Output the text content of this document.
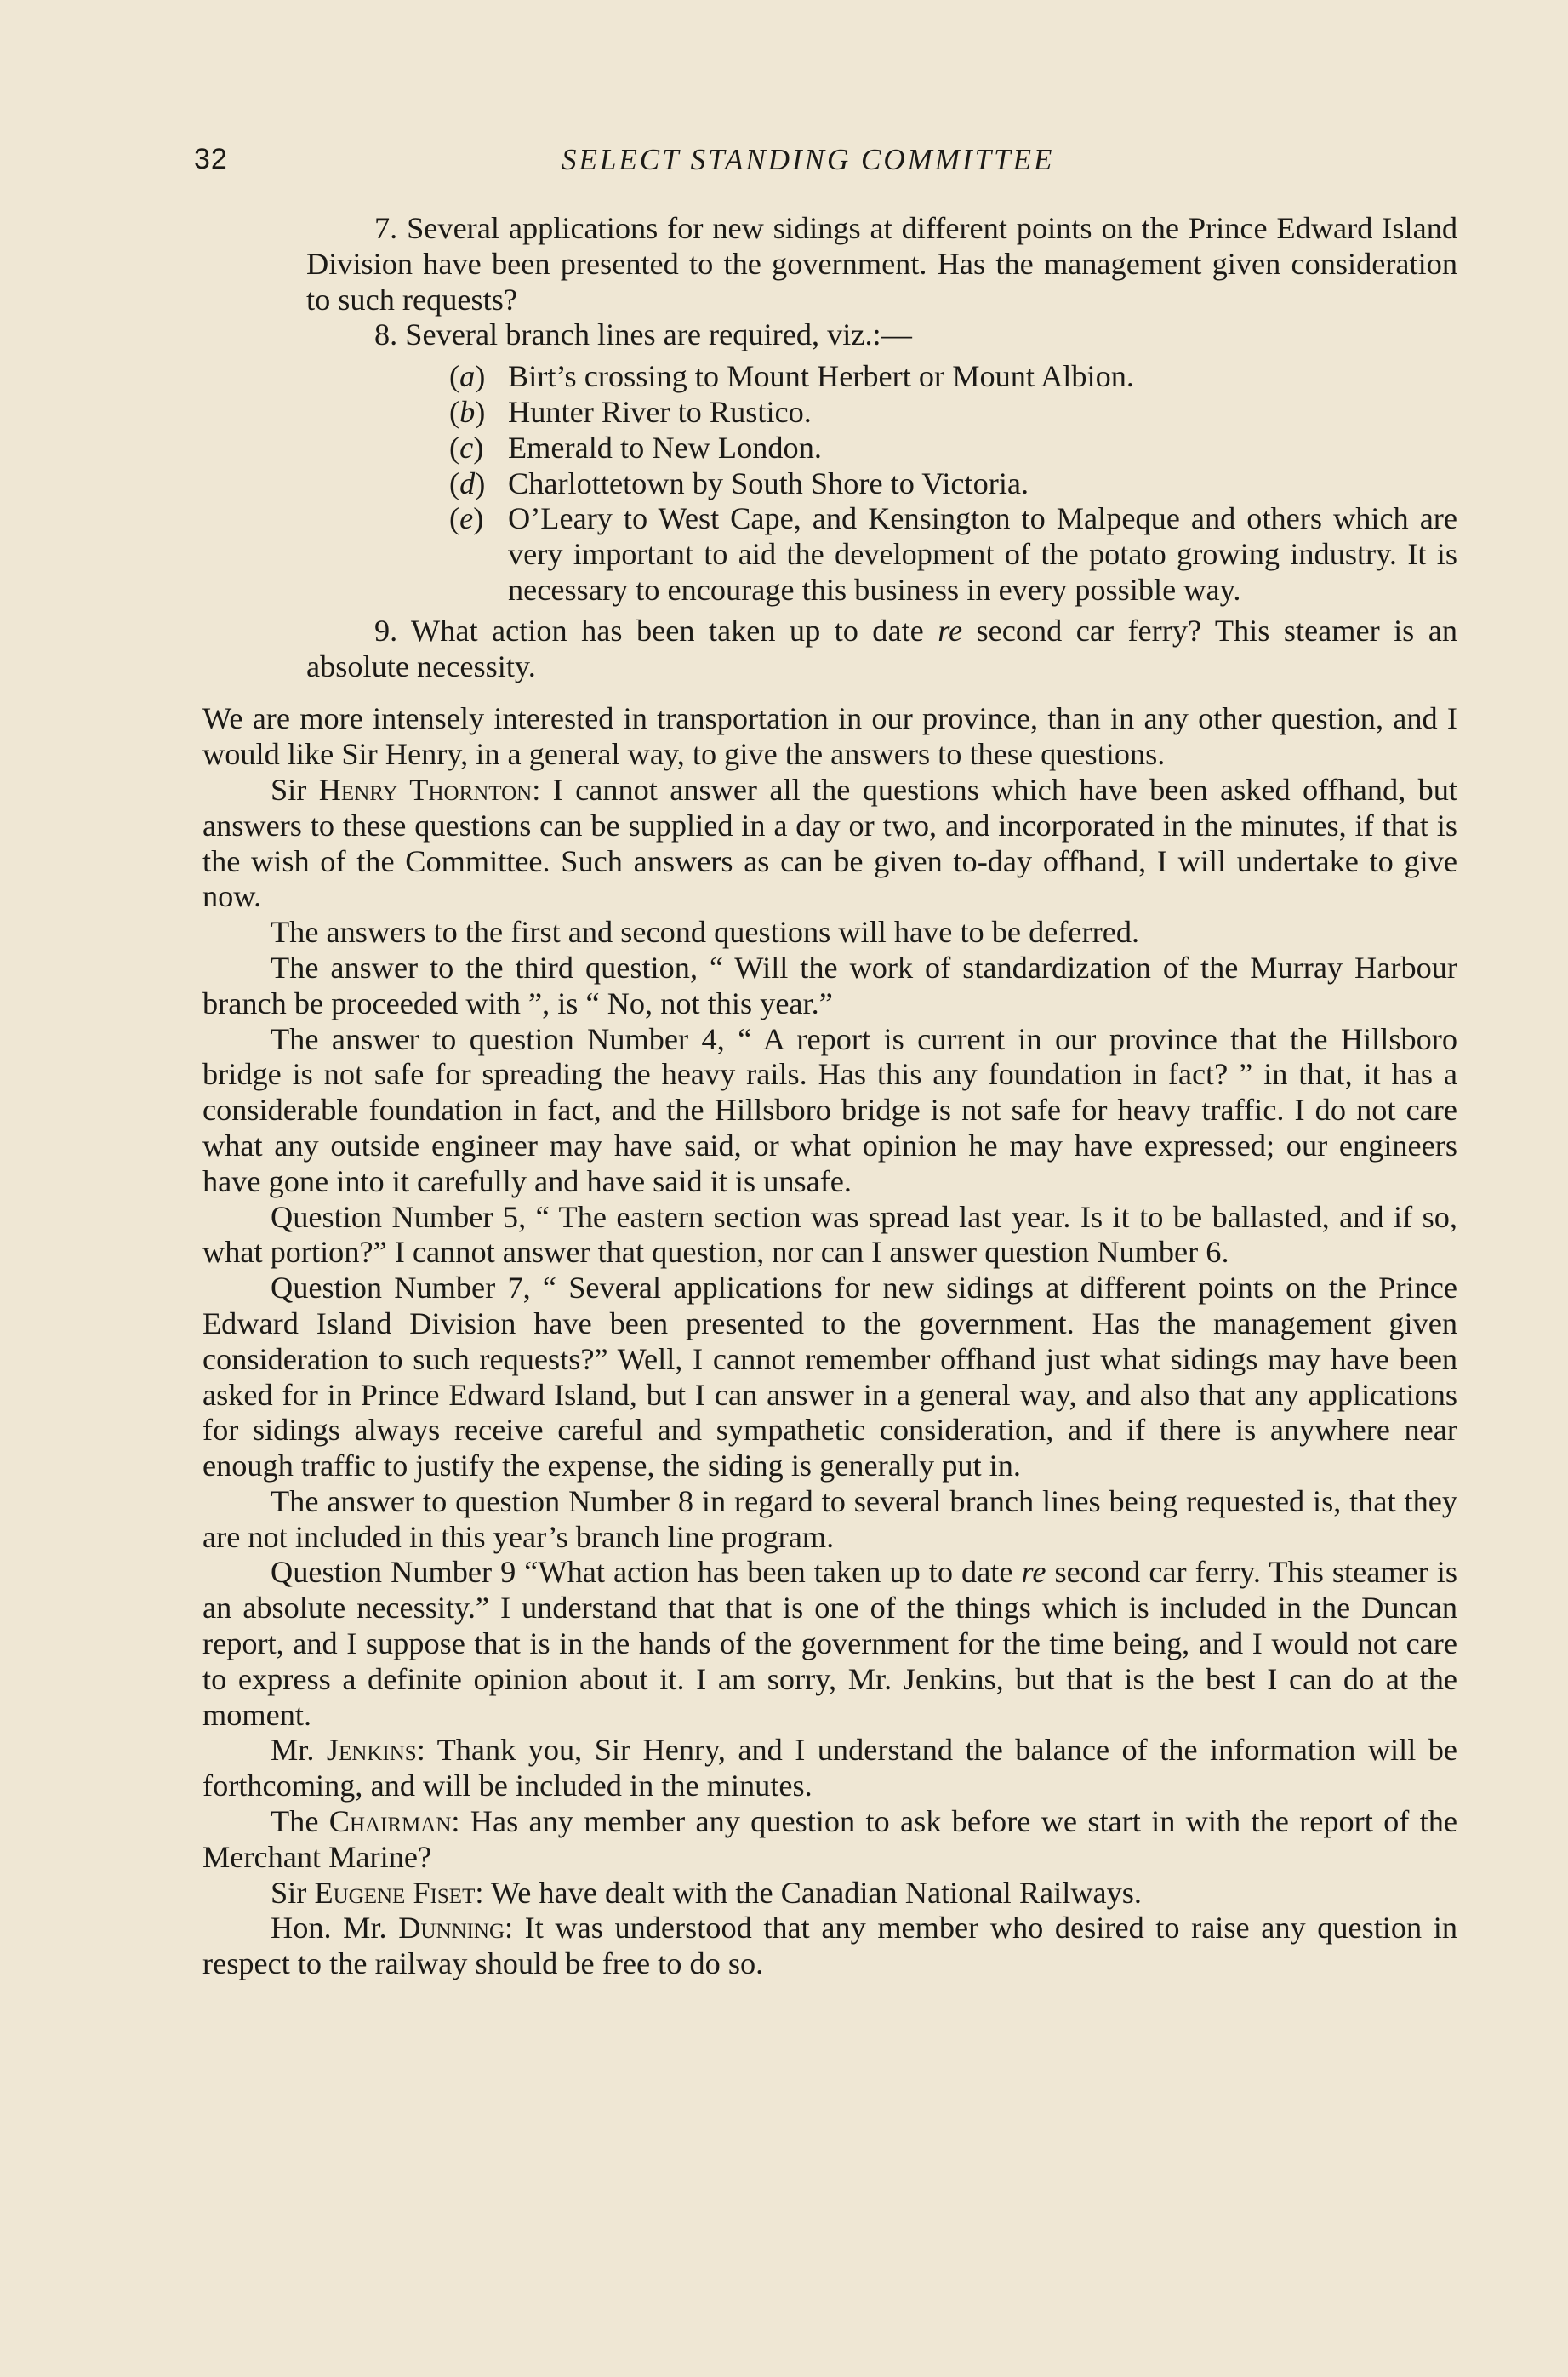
32	SELECT STANDING COMMITTEE

7. Several applications for new sidings at different points on the Prince Edward Island Division have been presented to the government. Has the management given consideration to such requests?

8. Several branch lines are required, viz.:—

(a) Birt’s crossing to Mount Herbert or Mount Albion.
(b) Hunter River to Rustico.
(c) Emerald to New London.
(d) Charlottetown by South Shore to Victoria.
(e) O’Leary to West Cape, and Kensington to Malpeque and others which are very important to aid the development of the potato growing industry. It is necessary to encourage this business in every possible way.

9. What action has been taken up to date re second car ferry? This steamer is an absolute necessity.

We are more intensely interested in transportation in our province, than in any other question, and I would like Sir Henry, in a general way, to give the answers to these questions.

Sir Henry Thornton: I cannot answer all the questions which have been asked offhand, but answers to these questions can be supplied in a day or two, and incorporated in the minutes, if that is the wish of the Committee. Such answers as can be given to-day offhand, I will undertake to give now.

The answers to the first and second questions will have to be deferred.

The answer to the third question, “ Will the work of standardization of the Murray Harbour branch be proceeded with ”, is “ No, not this year.”

The answer to question Number 4, “ A report is current in our province that the Hillsboro bridge is not safe for spreading the heavy rails. Has this any foundation in fact? ” in that, it has a considerable foundation in fact, and the Hillsboro bridge is not safe for heavy traffic. I do not care what any outside engineer may have said, or what opinion he may have expressed; our engineers have gone into it carefully and have said it is unsafe.

Question Number 5, “ The eastern section was spread last year. Is it to be ballasted, and if so, what portion?” I cannot answer that question, nor can I answer question Number 6.

Question Number 7, “ Several applications for new sidings at different points on the Prince Edward Island Division have been presented to the government. Has the management given consideration to such requests?” Well, I cannot remember offhand just what sidings may have been asked for in Prince Edward Island, but I can answer in a general way, and also that any applications for sidings always receive careful and sympathetic consideration, and if there is anywhere near enough traffic to justify the expense, the siding is generally put in.

The answer to question Number 8 in regard to several branch lines being requested is, that they are not included in this year’s branch line program.

Question Number 9 “What action has been taken up to date re second car ferry. This steamer is an absolute necessity.” I understand that that is one of the things which is included in the Duncan report, and I suppose that is in the hands of the government for the time being, and I would not care to express a definite opinion about it. I am sorry, Mr. Jenkins, but that is the best I can do at the moment.

Mr. Jenkins: Thank you, Sir Henry, and I understand the balance of the information will be forthcoming, and will be included in the minutes.

The Chairman: Has any member any question to ask before we start in with the report of the Merchant Marine?

Sir Eugene Fiset: We have dealt with the Canadian National Railways.

Hon. Mr. Dunning: It was understood that any member who desired to raise any question in respect to the railway should be free to do so.
